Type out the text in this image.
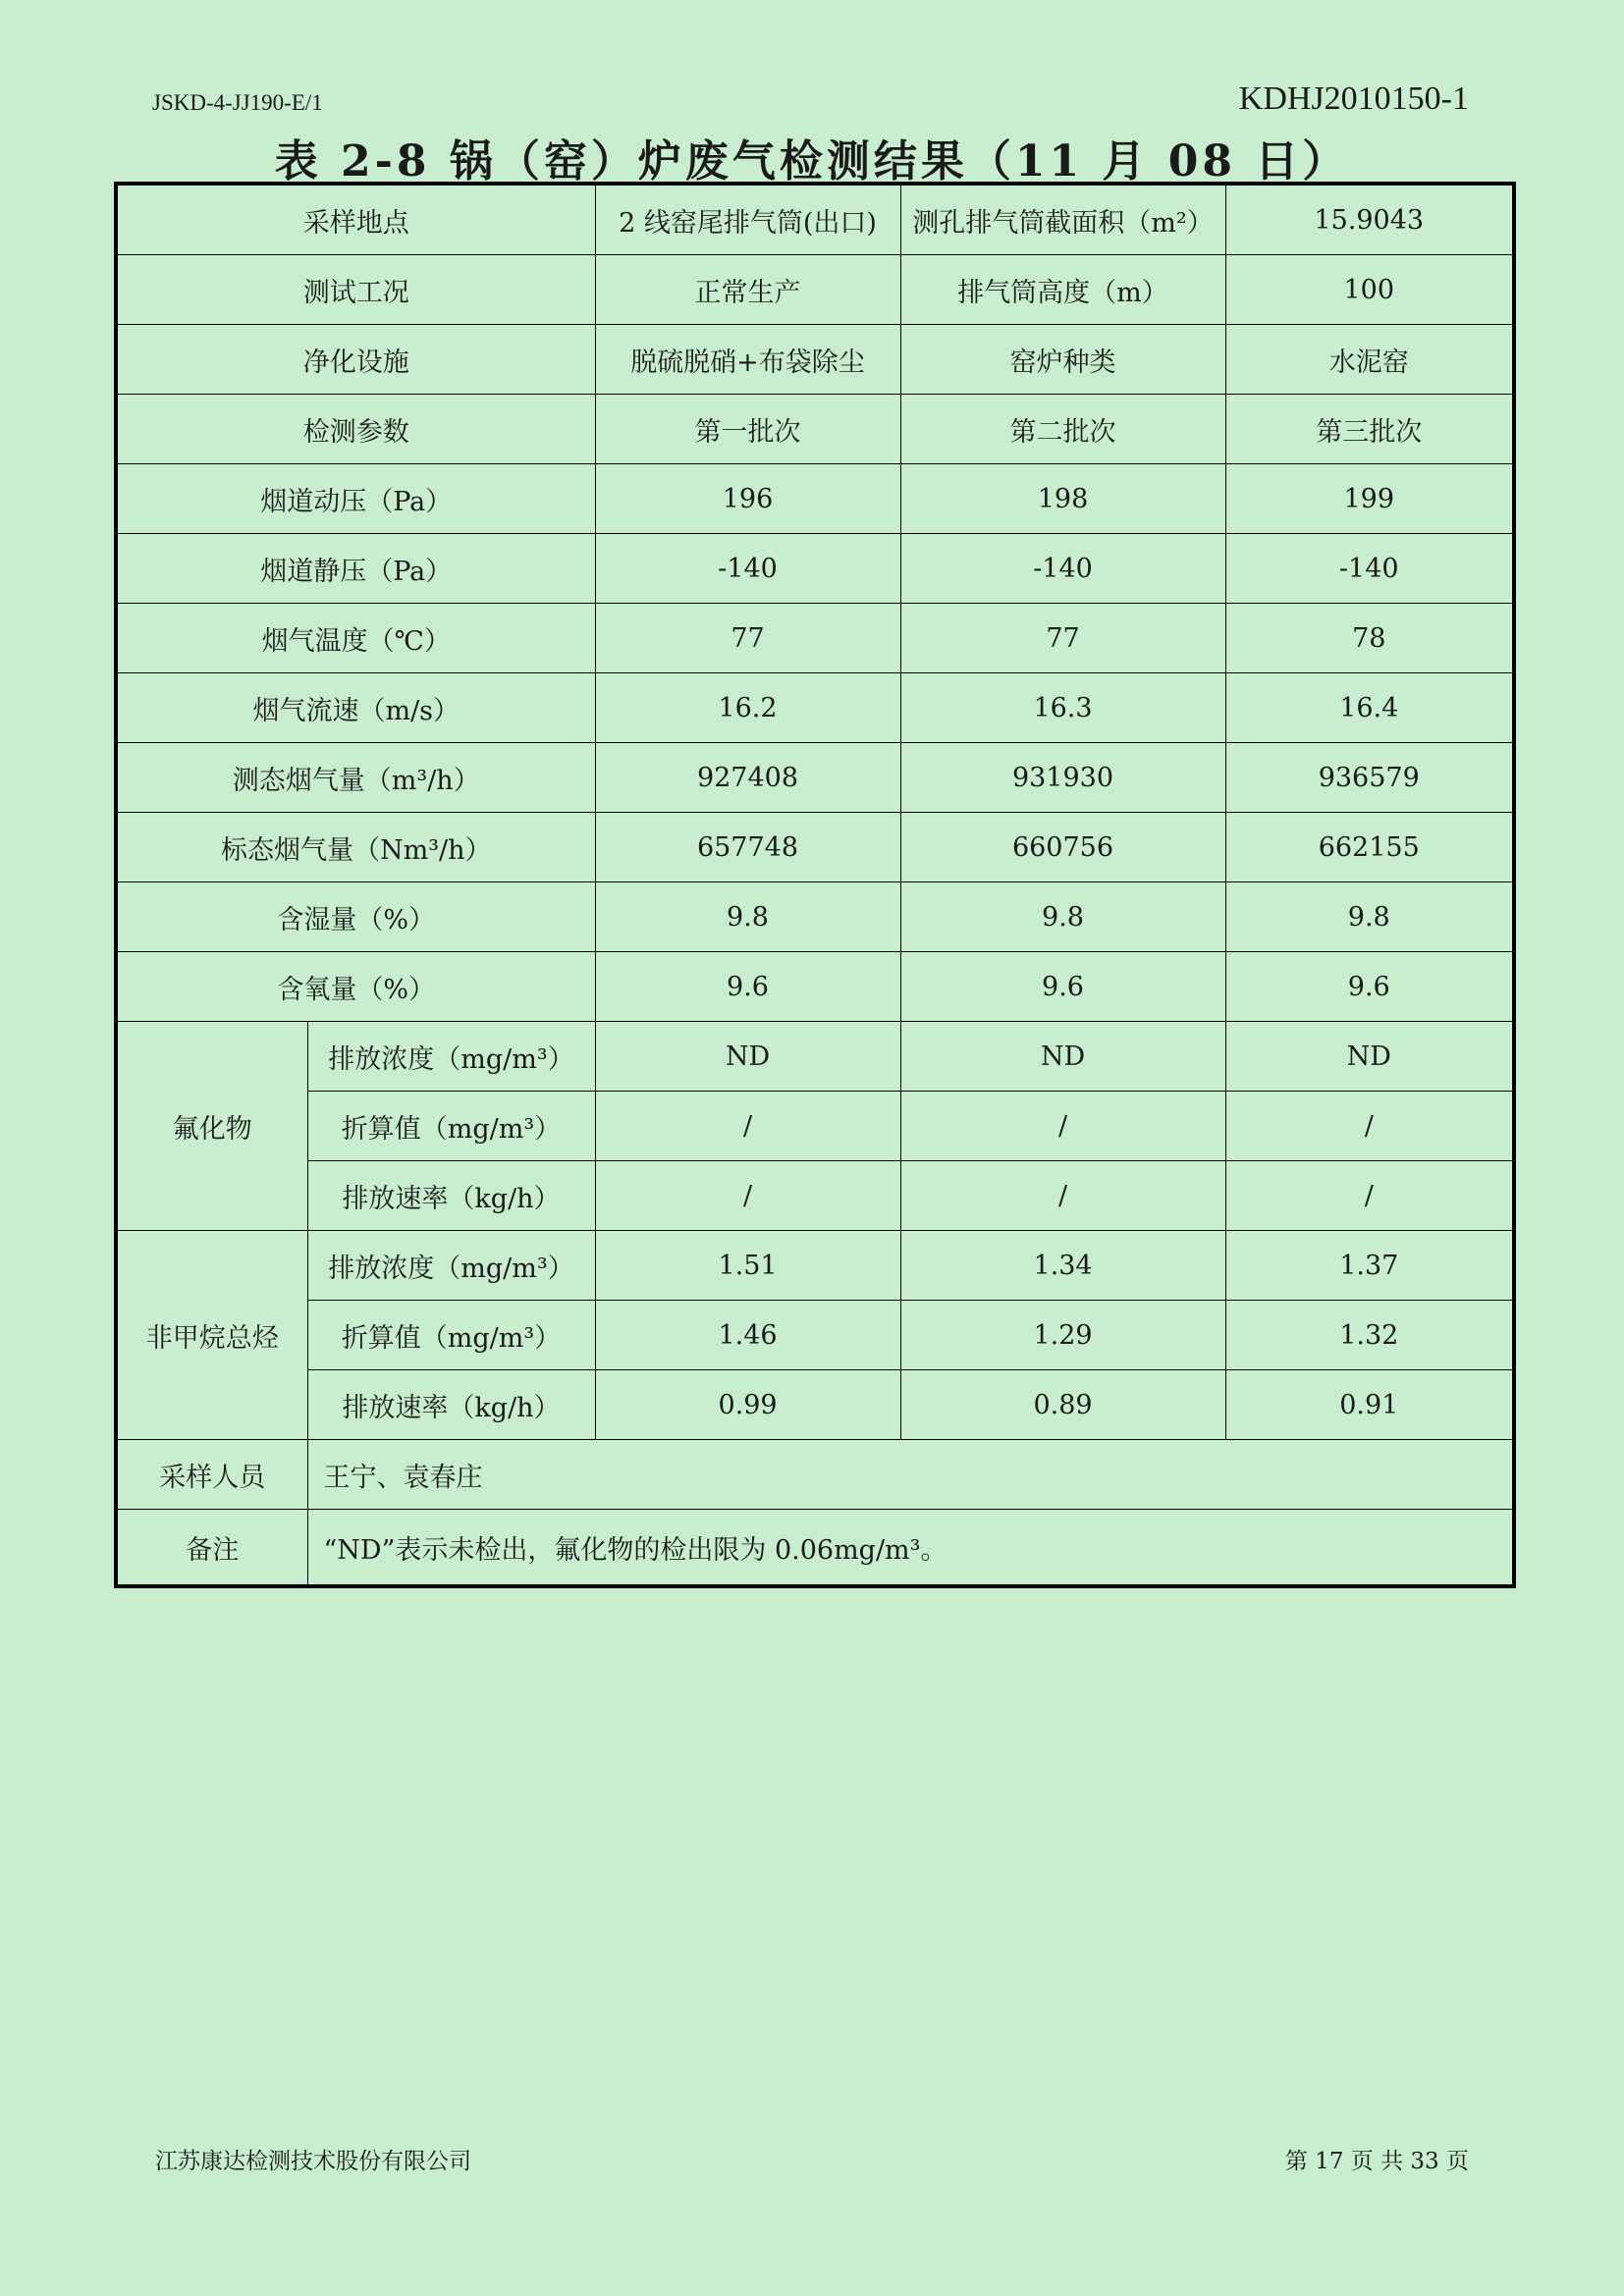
JSKD-4-JJ190-E/1	KDHJ2010150-1
表 2-8 锅（窑）炉废气检测结果（11 月 08 日）
采样地点		2 线窑尾排气筒(出口)	测孔排气筒截面积（m²）	15.9043
测试工况		正常生产	排气筒高度（m）	100
净化设施		脱硫脱硝+布袋除尘	窑炉种类	水泥窑
检测参数		第一批次	第二批次	第三批次
烟道动压（Pa）		196	198	199
烟道静压（Pa）		-140	-140	-140
烟气温度（℃）		77	77	78
烟气流速（m/s）		16.2	16.3	16.4
测态烟气量（m³/h）		927408	931930	936579
标态烟气量（Nm³/h）		657748	660756	662155
含湿量（%）		9.8	9.8	9.8
含氧量（%）		9.6	9.6	9.6
氟化物	排放浓度（mg/m³）	ND	ND	ND
	折算值（mg/m³）	/	/	/
	排放速率（kg/h）	/	/	/
非甲烷总烃	排放浓度（mg/m³）	1.51	1.34	1.37
	折算值（mg/m³）	1.46	1.29	1.32
	排放速率（kg/h）	0.99	0.89	0.91
采样人员	王宁、袁春庄			
备注	“ND”表示未检出，氟化物的检出限为 0.06mg/m³。			
江苏康达检测技术股份有限公司	第 17 页 共 33 页
